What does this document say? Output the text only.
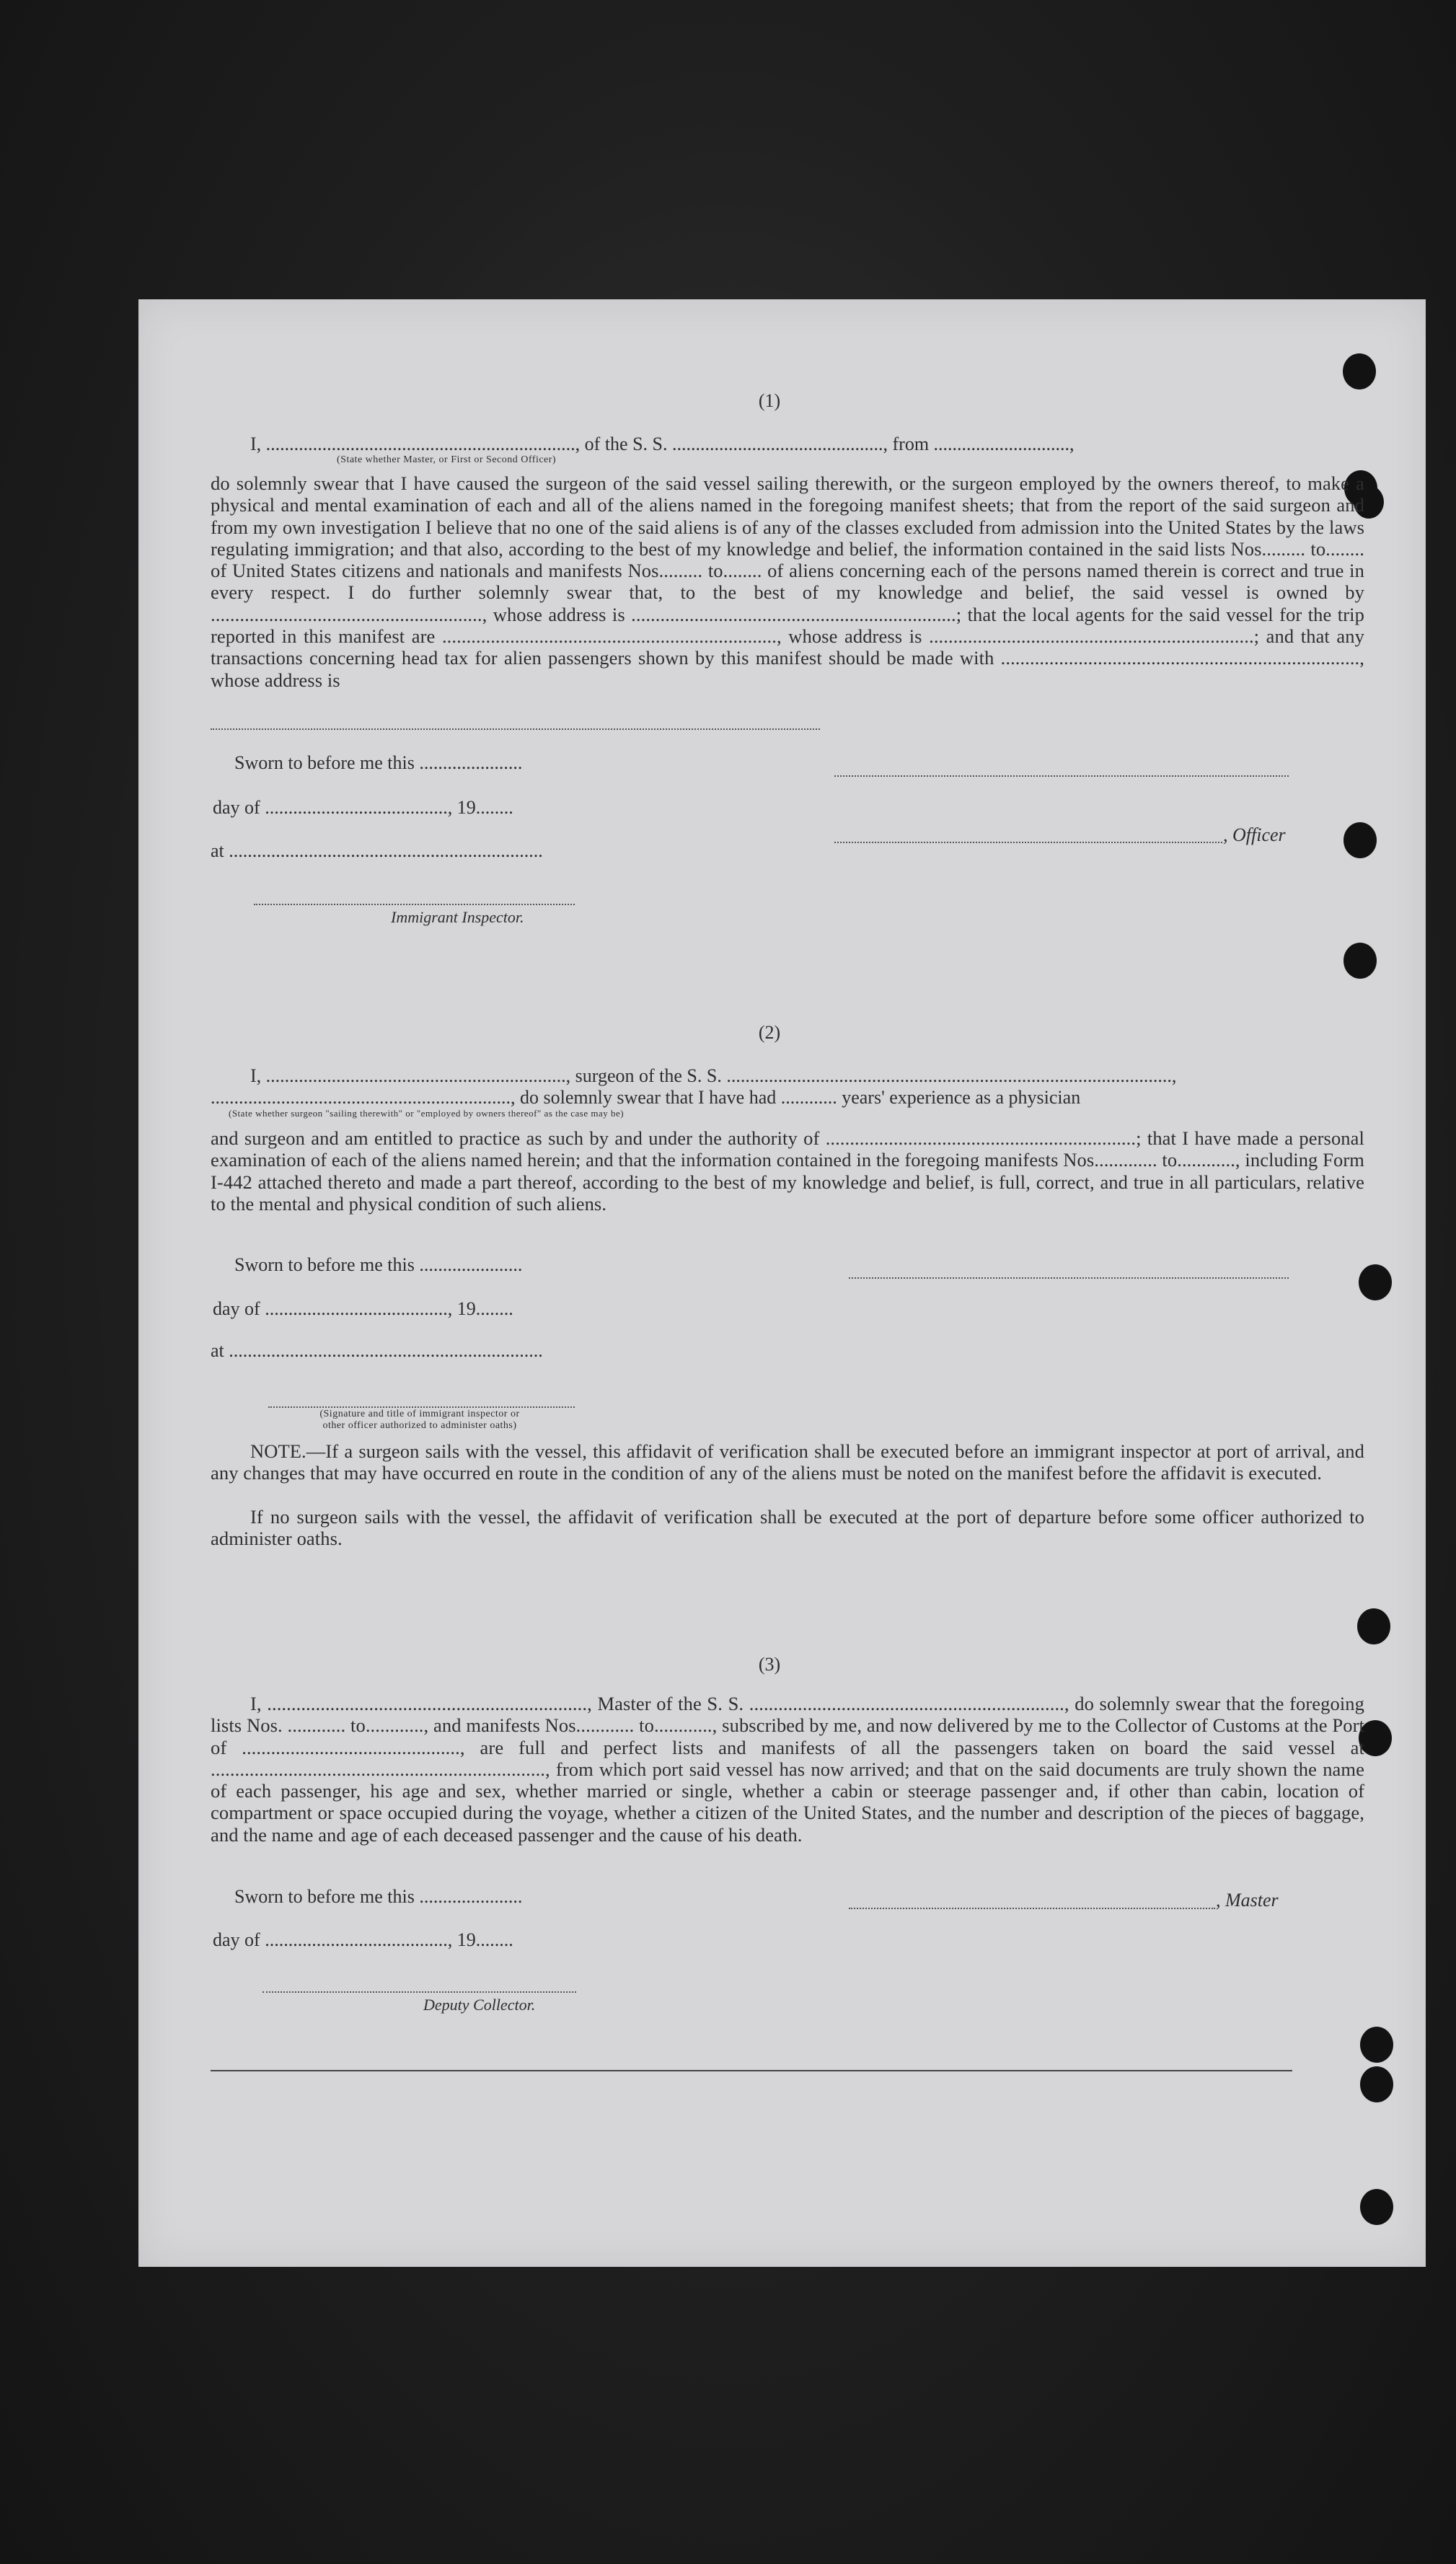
(1)
I, .................................................................., of the S. S. ............................................., from .............................,
(State whether Master, or First or Second Officer)
do solemnly swear that I have caused the surgeon of the said vessel sailing therewith, or the surgeon employed by the owners thereof, to make a physical and mental examination of each and all of the aliens named in the foregoing manifest sheets; that from the report of the said surgeon and from my own investigation I believe that no one of the said aliens is of any of the classes excluded from admission into the United States by the laws regulating immigration; and that also, according to the best of my knowledge and belief, the information contained in the said lists Nos......... to........ of United States citizens and nationals and manifests Nos......... to........ of aliens concerning each of the persons named therein is correct and true in every respect. I do further solemnly swear that, to the best of my knowledge and belief, the said vessel is owned by ........................................................, whose address is ...................................................................; that the local agents for the said vessel for the trip reported in this manifest are ....................................................................., whose address is ...................................................................; and that any transactions concerning head tax for alien passengers shown by this manifest should be made with .........................................................................., whose address is
Sworn to before me this ......................
day of ......................................., 19........
, Officer
at ...................................................................
Immigrant Inspector.
(2)
I, ................................................................, surgeon of the S. S. ...............................................................................................,
................................................................, do solemnly swear that I have had ............ years' experience as a physician
(State whether surgeon "sailing therewith" or "employed by owners thereof" as the case may be)
and surgeon and am entitled to practice as such by and under the authority of ................................................................; that I have made a personal examination of each of the aliens named herein; and that the information contained in the foregoing manifests Nos............. to............, including Form I-442 attached thereto and made a part thereof, according to the best of my knowledge and belief, is full, correct, and true in all particulars, relative to the mental and physical condition of such aliens.
Sworn to before me this ......................
day of ......................................., 19........
at ...................................................................
(Signature and title of immigrant inspector or
other officer authorized to administer oaths)
NOTE.—If a surgeon sails with the vessel, this affidavit of verification shall be executed before an immigrant inspector at port of arrival, and any changes that may have occurred en route in the condition of any of the aliens must be noted on the manifest before the affidavit is executed.
If no surgeon sails with the vessel, the affidavit of verification shall be executed at the port of departure before some officer authorized to administer oaths.
(3)
I, .................................................................., Master of the S. S. ................................................................., do solemnly swear that the foregoing lists Nos. ............ to............, and manifests Nos............ to............, subscribed by me, and now delivered by me to the Collector of Customs at the Port of ............................................., are full and perfect lists and manifests of all the passengers taken on board the said vessel at ....................................................................., from which port said vessel has now arrived; and that on the said documents are truly shown the name of each passenger, his age and sex, whether married or single, whether a cabin or steerage passenger and, if other than cabin, location of compartment or space occupied during the voyage, whether a citizen of the United States, and the number and description of the pieces of baggage, and the name and age of each deceased passenger and the cause of his death.
Sworn to before me this ......................	, Master
day of ......................................., 19........
Deputy Collector.
